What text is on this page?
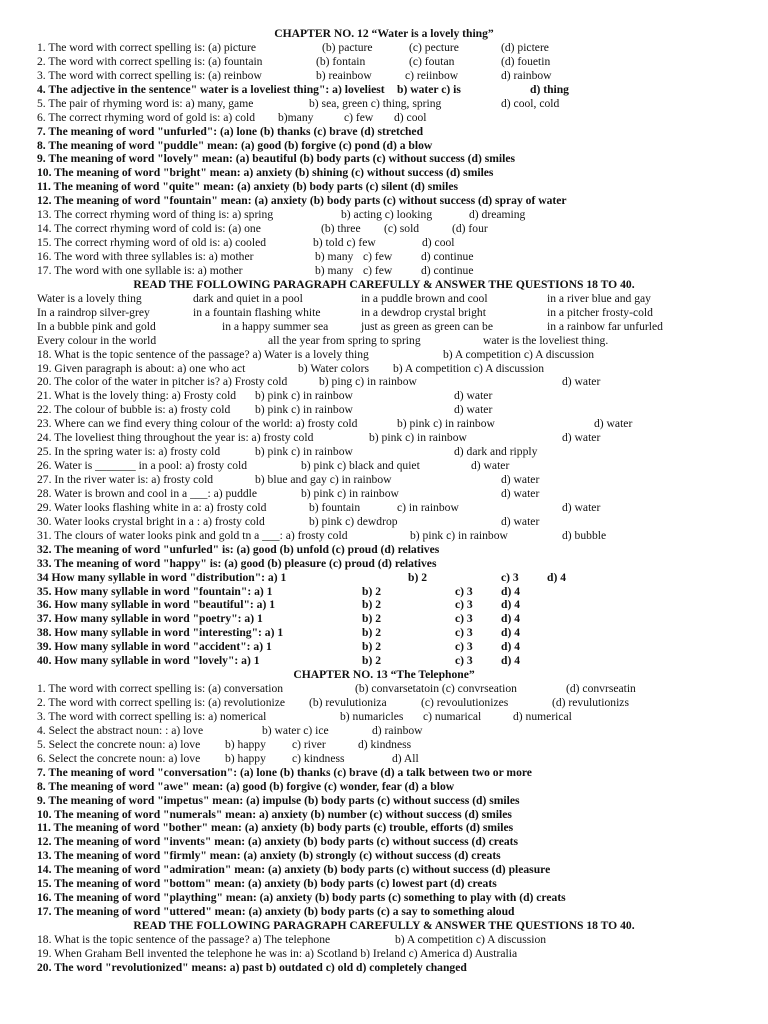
CHAPTER NO. 12 “Water is a lovely thing”
1. The word with correct spelling is: (a) picture	(b) pacture	(c) pecture	(d) pictere
2. The word with correct spelling is: (a) fountain	(b) fontain	(c) foutan	(d) fouetin
3. The word with correct spelling is: (a) reinbow	b) reainbow	c) reiinbow	d) rainbow
4. The adjective in the sentence" water is a loveliest thing": a) loveliest b) water c) is	d) thing
5. The pair of rhyming word is: a) many, game	b) sea, green c) thing, spring	d) cool, cold
6. The correct rhyming word of gold is: a) cold b)many	c) few d) cool
7. The meaning of word "unfurled": (a) lone (b) thanks (c) brave (d) stretched
8. The meaning of word "puddle" mean: (a) good (b) forgive (c) pond (d) a blow
9. The meaning of word "lovely" mean: (a) beautiful (b) body parts (c) without success (d) smiles
10. The meaning of word "bright" mean: a) anxiety (b) shining (c) without success (d) smiles
11. The meaning of word "quite" mean: (a) anxiety (b) body parts (c) silent (d) smiles
12. The meaning of word "fountain" mean: (a) anxiety (b) body parts (c) without success (d) spray of water
13. The correct rhyming word of thing is: a) spring	b) acting c) looking	d) dreaming
14. The correct rhyming word of cold is: (a) one	(b) three (c) sold	(d) four
15. The correct rhyming word of old is: a) cooled	b) told c) few	d) cool
16. The word with three syllables is: a) mother	b) many c) few d) continue
17. The word with one syllable is: a) mother	b) many c) few d) continue
READ THE FOLLOWING PARAGRAPH CAREFULLY & ANSWER THE QUESTIONS 18 TO 40.
Water is a lovely thing	dark and quiet in a pool	in a puddle brown and cool	in a river blue and gay
In a raindrop silver-grey	in a fountain flashing white	in a dewdrop crystal bright	in a pitcher frosty-cold
In a bubble pink and gold	in a happy summer sea	just as green as green can be	in a rainbow far unfurled
Every colour in the world	all the year from spring to spring	water is the loveliest thing.
18. What is the topic sentence of the passage? a) Water is a lovely thing	b) A competition c) A discussion
19. Given paragraph is about: a) one who act	b) Water colors b) A competition c) A discussion
20. The color of the water in pitcher is? a) Frosty cold	b) ping c) in rainbow	d) water
21. What is the lovely thing: a) Frosty cold b) pink c) in rainbow	d) water
22. The colour of bubble is: a) frosty cold b) pink c) in rainbow	d) water
23. Where can we find every thing colour of the world: a) frosty cold	b) pink c) in rainbow	d) water
24. The loveliest thing throughout the year is: a) frosty cold	b) pink c) in rainbow	d) water
25. In the spring water is: a) frosty cold	b) pink c) in rainbow	d) dark and ripply
26. Water is _______ in a pool: a) frosty cold	b) pink c) black and quiet	d) water
27. In the river water is: a) frosty cold	b) blue and gay c) in rainbow	d) water
28. Water is brown and cool in a ___: a) puddle	b) pink c) in rainbow	d) water
29. Water looks flashing white in a: a) frosty cold	b) fountain	c) in rainbow	d) water
30. Water looks crystal bright in a : a) frosty cold	b) pink c) dewdrop	d) water
31. The clours of water looks pink and gold tn a ___: a) frosty cold	b) pink c) in rainbow	d) bubble
32. The meaning of word "unfurled" is: (a) good (b) unfold (c) proud (d) relatives
33. The meaning of word "happy" is: (a) good (b) pleasure (c) proud (d) relatives
34 How many syllable in word "distribution": a) 1	b) 2	c) 3 d) 4
35. How many syllable in word "fountain": a) 1	b) 2	c) 3 d) 4
36. How many syllable in word "beautiful": a) 1	b) 2	c) 3 d) 4
37. How many syllable in word "poetry": a) 1	b) 2	c) 3 d) 4
38. How many syllable in word "interesting": a) 1	b) 2	c) 3 d) 4
39. How many syllable in word "accident": a) 1	b) 2	c) 3 d) 4
40. How many syllable in word "lovely": a) 1	b) 2	c) 3 d) 4
CHAPTER NO. 13 “The Telephone”
1. The word with correct spelling is: (a) conversation	(b) convarsetatoin (c) convrseation	(d) convrseatin
2. The word with correct spelling is: (a) revolutionize (b) revulutioniza	(c) revoulutionizes	(d) revulutionizs
3. The word with correct spelling is: a) nomerical	b) numaricles c) numarical	d) numerical
4. Select the abstract noun: : a) love	b) water c) ice	d) rainbow
5. Select the concrete noun: a) love b) happy c) river	d) kindness
6. Select the concrete noun: a) love b) happy c) kindness	d) All
7. The meaning of word "conversation": (a) lone (b) thanks (c) brave (d) a talk between two or more
8. The meaning of word "awe" mean: (a) good (b) forgive (c) wonder, fear (d) a blow
9. The meaning of word "impetus" mean: (a) impulse (b) body parts (c) without success (d) smiles
10. The meaning of word "numerals" mean: a) anxiety (b) number (c) without success (d) smiles
11. The meaning of word "bother" mean: (a) anxiety (b) body parts (c) trouble, efforts (d) smiles
12. The meaning of word "invents" mean: (a) anxiety (b) body parts (c) without success (d) creats
13. The meaning of word "firmly" mean: (a) anxiety (b) strongly (c) without success (d) creats
14. The meaning of word "admiration" mean: (a) anxiety (b) body parts (c) without success (d) pleasure
15. The meaning of word "bottom" mean: (a) anxiety (b) body parts (c) lowest part (d) creats
16. The meaning of word "plaything" mean: (a) anxiety (b) body parts (c) something to play with (d) creats
17. The meaning of word "uttered" mean: (a) anxiety (b) body parts (c) a say to something aloud
READ THE FOLLOWING PARAGRAPH CAREFULLY & ANSWER THE QUESTIONS 18 TO 40.
18. What is the topic sentence of the passage? a) The telephone	b) A competition c) A discussion
19. When Graham Bell invented the telephone he was in: a) Scotland b) Ireland c) America d) Australia
20. The word "revolutionized" means: a) past b) outdated c) old d) completely changed
